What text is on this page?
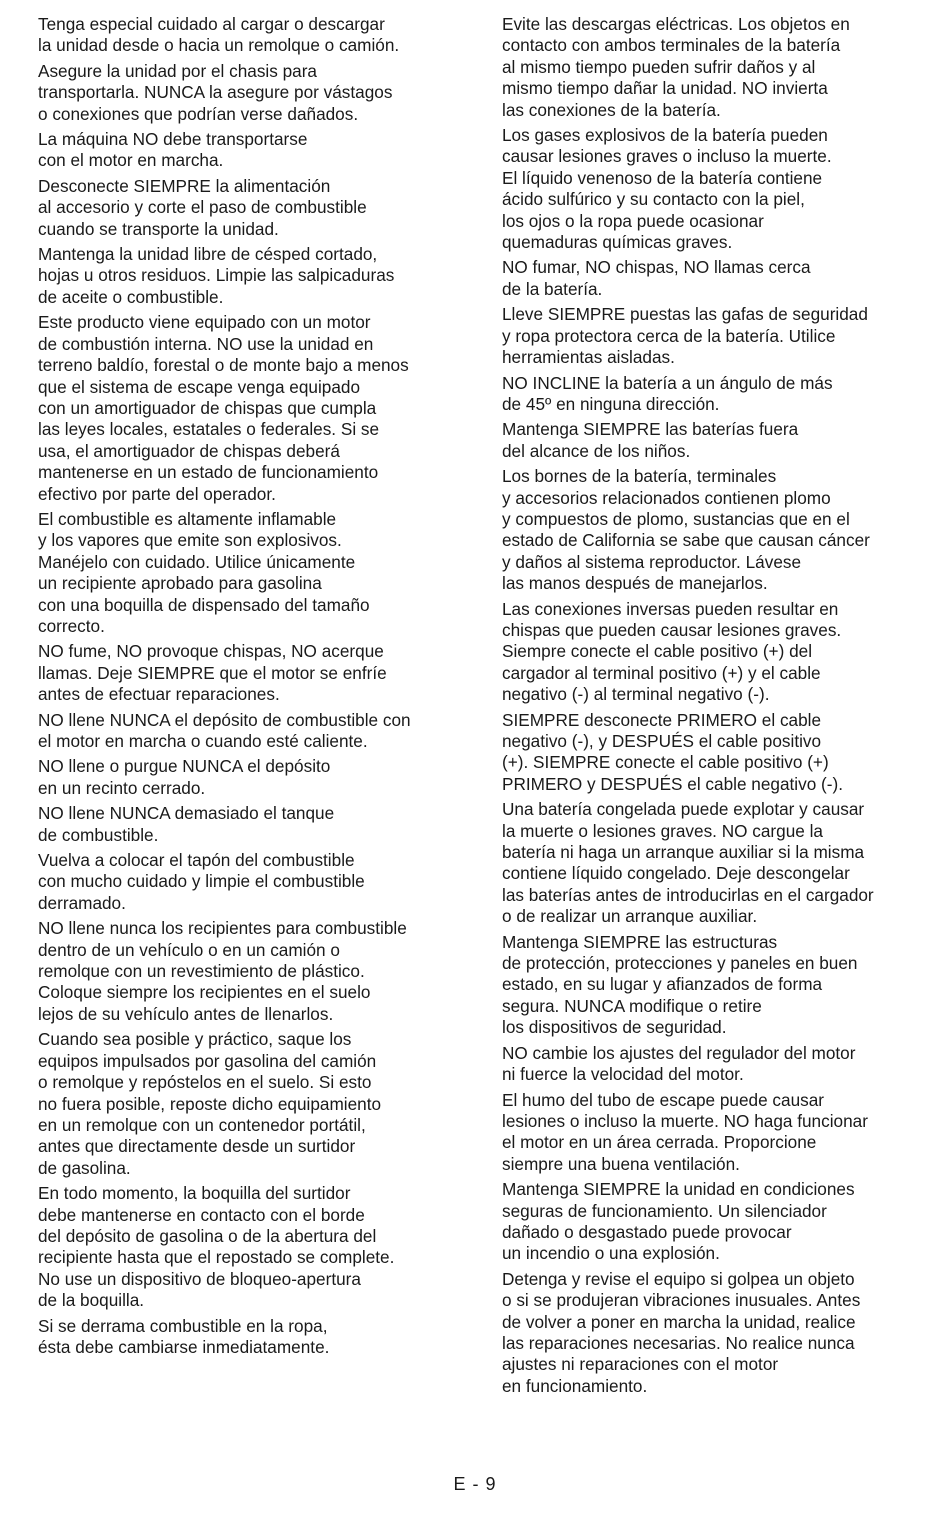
Tenga especial cuidado al cargar o descargar
la unidad desde o hacia un remolque o camión.

Asegure la unidad por el chasis para
transportarla. NUNCA la asegure por vástagos
o conexiones que podrían verse dañados.

La máquina NO debe transportarse
con el motor en marcha.

Desconecte SIEMPRE la alimentación
al accesorio y corte el paso de combustible
cuando se transporte la unidad.

Mantenga la unidad libre de césped cortado,
hojas u otros residuos. Limpie las salpicaduras
de aceite o combustible.

Este producto viene equipado con un motor
de combustión interna. NO use la unidad en
terreno baldío, forestal o de monte bajo a menos
que el sistema de escape venga equipado
con un amortiguador de chispas que cumpla
las leyes locales, estatales o federales. Si se
usa, el amortiguador de chispas deberá
mantenerse en un estado de funcionamiento
efectivo por parte del operador.

El combustible es altamente inflamable
y los vapores que emite son explosivos.
Manéjelo con cuidado. Utilice únicamente
un recipiente aprobado para gasolina
con una boquilla de dispensado del tamaño
correcto.

NO fume, NO provoque chispas, NO acerque
llamas. Deje SIEMPRE que el motor se enfríe
antes de efectuar reparaciones.

NO llene NUNCA el depósito de combustible con
el motor en marcha o cuando esté caliente.

NO llene o purgue NUNCA el depósito
en un recinto cerrado.

NO llene NUNCA demasiado el tanque
de combustible.

Vuelva a colocar el tapón del combustible
con mucho cuidado y limpie el combustible
derramado.

NO llene nunca los recipientes para combustible
dentro de un vehículo o en un camión o
remolque con un revestimiento de plástico.
Coloque siempre los recipientes en el suelo
lejos de su vehículo antes de llenarlos.

Cuando sea posible y práctico, saque los
equipos impulsados por gasolina del camión
o remolque y repóstelos en el suelo. Si esto
no fuera posible, reposte dicho equipamiento
en un remolque con un contenedor portátil,
antes que directamente desde un surtidor
de gasolina.

En todo momento, la boquilla del surtidor
debe mantenerse en contacto con el borde
del depósito de gasolina o de la abertura del
recipiente hasta que el repostado se complete.
No use un dispositivo de bloqueo-apertura
de la boquilla.

Si se derrama combustible en la ropa,
ésta debe cambiarse inmediatamente.

Evite las descargas eléctricas. Los objetos en
contacto con ambos terminales de la batería
al mismo tiempo pueden sufrir daños y al
mismo tiempo dañar la unidad. NO invierta
las conexiones de la batería.

Los gases explosivos de la batería pueden
causar lesiones graves o incluso la muerte.
El líquido venenoso de la batería contiene
ácido sulfúrico y su contacto con la piel,
los ojos o la ropa puede ocasionar
quemaduras químicas graves.

NO fumar, NO chispas, NO llamas cerca
de la batería.

Lleve SIEMPRE puestas las gafas de seguridad
y ropa protectora cerca de la batería. Utilice
herramientas aisladas.

NO INCLINE la batería a un ángulo de más
de 45º en ninguna dirección.

Mantenga SIEMPRE las baterías fuera
del alcance de los niños.

Los bornes de la batería, terminales
y accesorios relacionados contienen plomo
y compuestos de plomo, sustancias que en el
estado de California se sabe que causan cáncer
y daños al sistema reproductor. Lávese
las manos después de manejarlos.

Las conexiones inversas pueden resultar en
chispas que pueden causar lesiones graves.
Siempre conecte el cable positivo (+) del
cargador al terminal positivo (+) y el cable
negativo (-) al terminal negativo (-).

SIEMPRE desconecte PRIMERO el cable
negativo (-), y DESPUÉS el cable positivo
(+). SIEMPRE conecte el cable positivo (+)
PRIMERO y DESPUÉS el cable negativo (-).

Una batería congelada puede explotar y causar
la muerte o lesiones graves. NO cargue la
batería ni haga un arranque auxiliar si la misma
contiene líquido congelado. Deje descongelar
las baterías antes de introducirlas en el cargador
o de realizar un arranque auxiliar.

Mantenga SIEMPRE las estructuras
de protección, protecciones y paneles en buen
estado, en su lugar y afianzados de forma
segura. NUNCA modifique o retire
los dispositivos de seguridad.

NO cambie los ajustes del regulador del motor
ni fuerce la velocidad del motor.

El humo del tubo de escape puede causar
lesiones o incluso la muerte. NO haga funcionar
el motor en un área cerrada. Proporcione
siempre una buena ventilación.

Mantenga SIEMPRE la unidad en condiciones
seguras de funcionamiento. Un silenciador
dañado o desgastado puede provocar
un incendio o una explosión.

Detenga y revise el equipo si golpea un objeto
o si se produjeran vibraciones inusuales. Antes
de volver a poner en marcha la unidad, realice
las reparaciones necesarias. No realice nunca
ajustes ni reparaciones con el motor
en funcionamiento.

E - 9
